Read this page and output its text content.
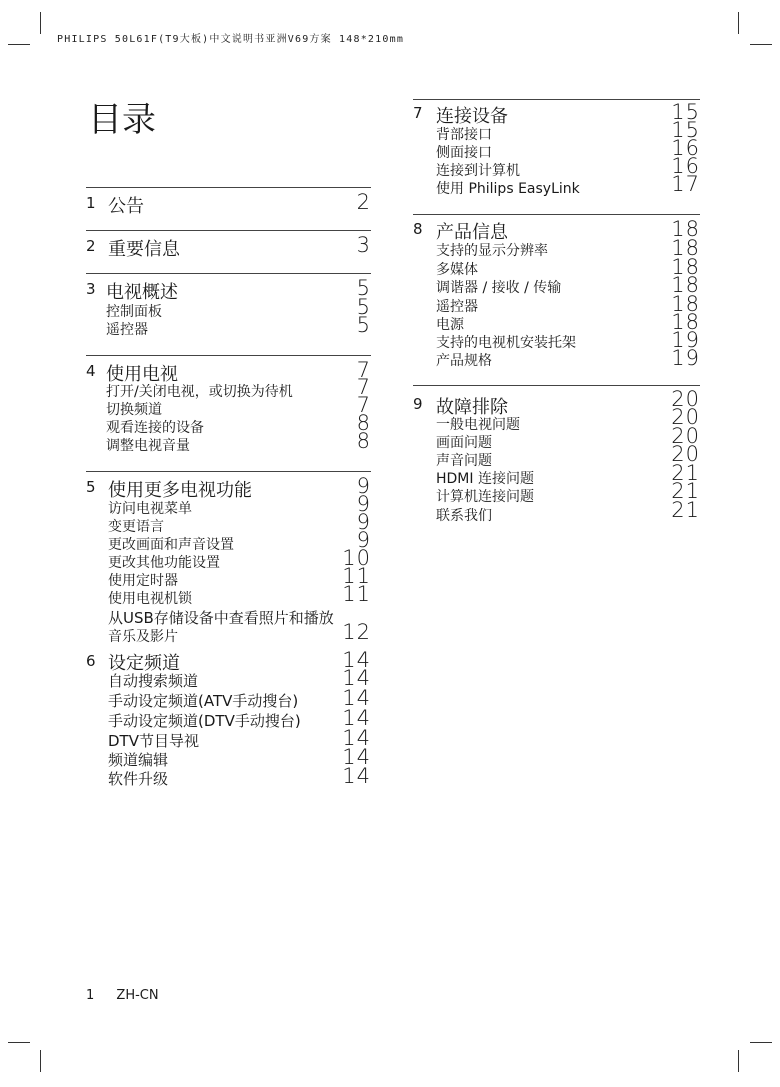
PHILIPS 50L61F(T9大板)中文说明书亚洲V69方案 148*210mm
目录
1 公告	2
2 重要信息	3
3 电视概述	5
控制面板	5
遥控器	5
4 使用电视	7
打开/关闭电视，或切换为待机	7
切换频道	7
观看连接的设备	8
调整电视音量	8
5 使用更多电视功能	9
访问电视菜单	9
变更语言	9
更改画面和声音设置	9
更改其他功能设置	10
使用定时器	11
使用电视机锁	11
从USB存储设备中查看照片和播放
音乐及影片	12
6 设定频道	14
自动搜索频道	14
手动设定频道(ATV手动搜台) 14
手动设定频道(DTV手动搜台) 14
DTV节目导视	14
频道编辑	14
软件升级	14
7 连接设备	15
背部接口	15
侧面接口	16
连接到计算机	16
使用 Philips EasyLink	17
8 产品信息	18
支持的显示分辨率	18
多媒体	18
调谐器 / 接收 / 传输	18
遥控器	18
电源	18
支持的电视机安装托架	19
产品规格	19
9 故障排除	20
一般电视问题	20
画面问题	20
声音问题	20
HDMI 连接问题	21
计算机连接问题	21
联系我们	21
1 ZH-CN
